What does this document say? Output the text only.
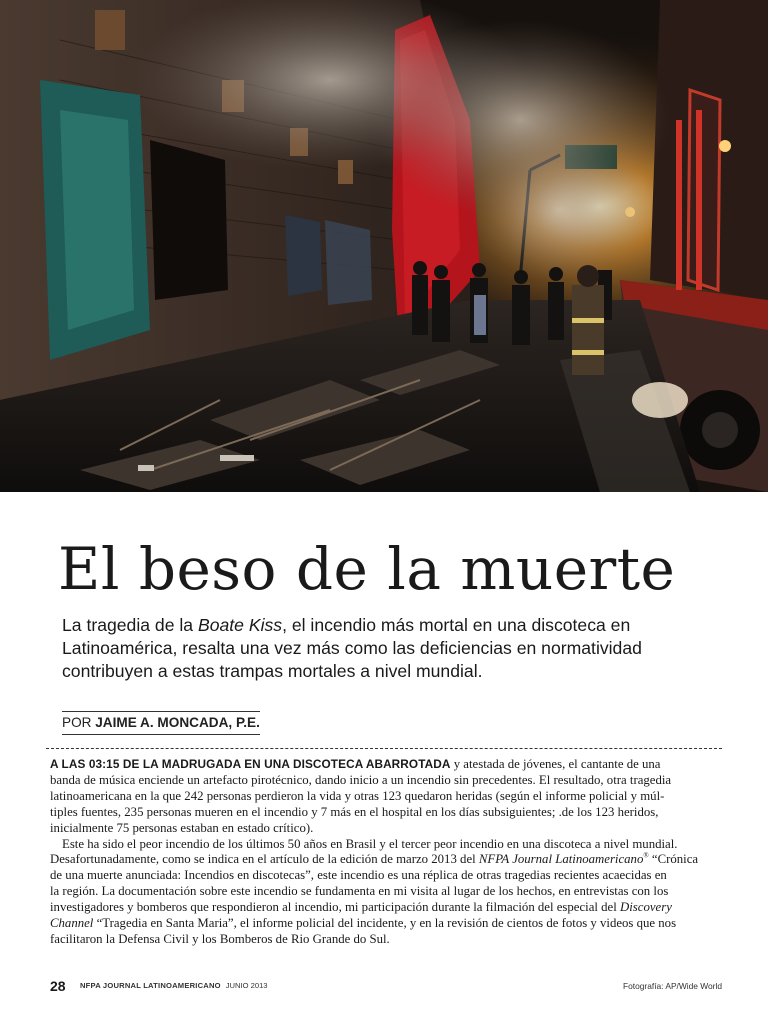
El beso de la muerte

La tragedia de la Boate Kiss, el incendio más mortal en una discoteca en
Latinoamérica, resalta una vez más como las deficiencias en normatividad
contribuyen a estas trampas mortales a nivel mundial.

POR JAIME A. MONCADA, P.E.
A LAS 03:15 DE LA MADRUGADA EN UNA DISCOTECA ABARROTADA y atestada de jóvenes, el cantante de una
banda de música enciende un artefacto pirotécnico, dando inicio a un incendio sin precedentes. El resultado, otra tragedia
latinoamericana en la que 242 personas perdieron la vida y otras 123 quedaron heridas (según el informe policial y múl-
tiples fuentes, 235 personas mueren en el incendio y 7 más en el hospital en los días subsiguientes; .de los 123 heridos,
inicialmente 75 personas estaban en estado crítico).
Este ha sido el peor incendio de los últimos 50 años en Brasil y el tercer peor incendio en una discoteca a nivel mundial.
Desafortunadamente, como se indica en el artículo de la edición de marzo 2013 del NFPA Journal Latinoamericano® “Crónica
de una muerte anunciada: Incendios en discotecas”, este incendio es una réplica de otras tragedias recientes acaecidas en
la región. La documentación sobre este incendio se fundamenta en mi visita al lugar de los hechos, en entrevistas con los
investigadores y bomberos que respondieron al incendio, mi participación durante la filmación del especial del Discovery
Channel “Tragedia en Santa Maria”, el informe policial del incidente, y en la revisión de cientos de fotos y videos que nos
facilitaron la Defensa Civil y los Bomberos de Rio Grande do Sul.
28 NFPA JOURNAL LATINOAMERICANO JUNIO 2013	Fotografía: AP/Wide World
